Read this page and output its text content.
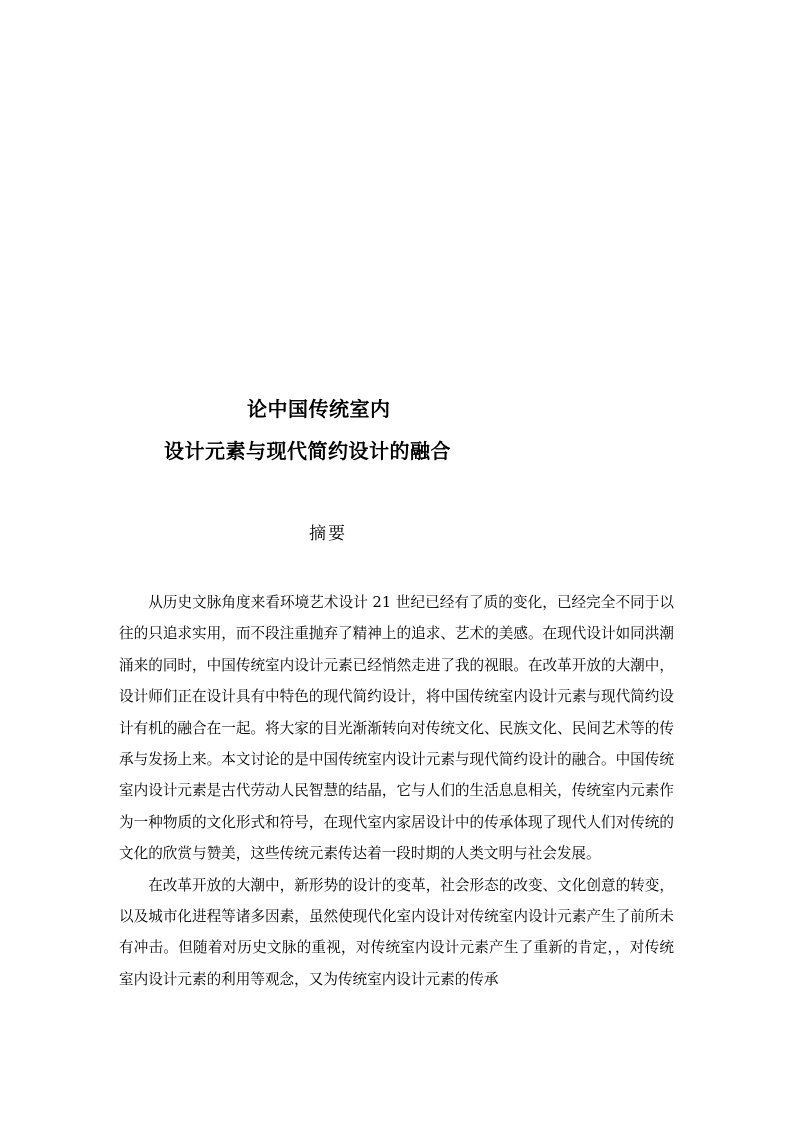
论中国传统室内
设计元素与现代简约设计的融合
摘要

从历史文脉角度来看环境艺术设计 21 世纪已经有了质的变化，已经完全不同于以往的只追求实用，而不段注重抛弃了精神上的追求、艺术的美感。在现代设计如同洪潮涌来的同时，中国传统室内设计元素已经悄然走进了我的视眼。在改革开放的大潮中，设计师们正在设计具有中特色的现代简约设计，将中国传统室内设计元素与现代简约设计有机的融合在一起。将大家的目光渐渐转向对传统文化、民族文化、民间艺术等的传承与发扬上来。本文讨论的是中国传统室内设计元素与现代简约设计的融合。中国传统室内设计元素是古代劳动人民智慧的结晶，它与人们的生活息息相关，传统室内元素作为一种物质的文化形式和符号，在现代室内家居设计中的传承体现了现代人们对传统的文化的欣赏与赞美，这些传统元素传达着一段时期的人类文明与社会发展。

在改革开放的大潮中，新形势的设计的变革，社会形态的改变、文化创意的转变，以及城市化进程等诸多因素，虽然使现代化室内设计对传统室内设计元素产生了前所未有冲击。但随着对历史文脉的重视，对传统室内设计元素产生了重新的肯定，，对传统室内设计元素的利用等观念，又为传统室内设计元素的传承
